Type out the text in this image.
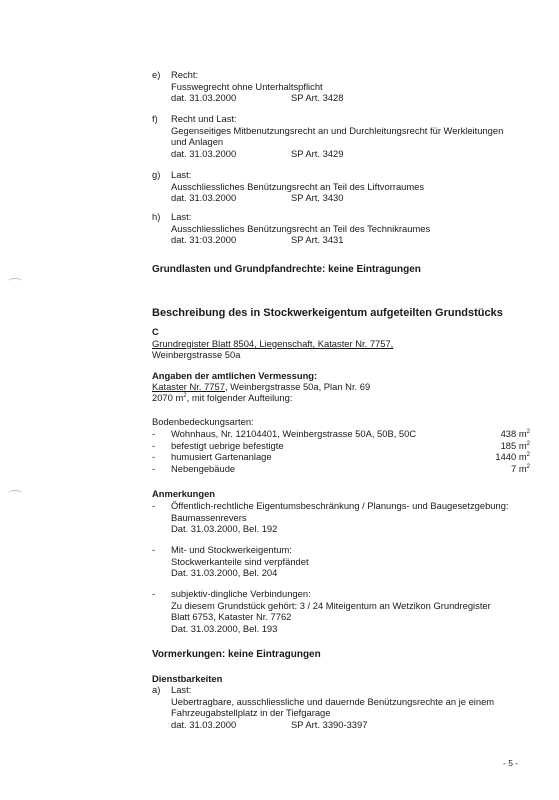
e) Recht:
Fusswegrecht ohne Unterhaltspflicht
dat. 31.03.2000	SP Art. 3428
f) Recht und Last:
Gegenseitiges Mitbenutzungsrecht an und Durchleitungsrecht für Werkleitungen
und Anlagen
dat. 31.03.2000	SP Art. 3429
g) Last:
Ausschliessliches Benützungsrecht an Teil des Liftvorraumes
dat. 31.03.2000	SP Art. 3430
h) Last:
Ausschliessliches Benützungsrecht an Teil des Technikraumes
dat. 31:03.2000	SP Art. 3431
Grundlasten und Grundpfandrechte: keine Eintragungen
Beschreibung des in Stockwerkeigentum aufgeteilten Grundstücks
C
Grundregister Blatt 8504, Liegenschaft, Kataster Nr. 7757,
Weinbergstrasse 50a
Angaben der amtlichen Vermessung:
Kataster Nr. 7757, Weinbergstrasse 50a, Plan Nr. 69
2070 $m^2$, mit folgender Aufteilung:
Bodenbedeckungsarten:
- Wohnhaus, Nr. 12104401, Weinbergstrasse 50A, 50B, 50C	438 $m^2$
- befestigt uebrige befestigte	185 $m^2$
- humusiert Gartenanlage	1440 $m^2$
- Nebengebäude	7 $m^2$
Anmerkungen
- Öffentlich-rechtliche Eigentumsbeschränkung / Planungs- und Baugesetzgebung:
Baumassenrevers
Dat. 31.03.2000, Bel. 192
- Mit- und Stockwerkeigentum:
Stockwerkanteile sind verpfändet
Dat. 31.03.2000, Bel. 204
- subjektiv-dingliche Verbindungen:
Zu diesem Grundstück gehört: 3 / 24 Miteigentum an Wetzikon Grundregister
Blatt 6753, Kataster Nr. 7762
Dat. 31.03.2000, Bel. 193
Vormerkungen: keine Eintragungen
Dienstbarkeiten
a) Last:
Uebertragbare, ausschliessliche und dauernde Benützungsrechte an je einem
Fahrzeugabstellplatz in der Tiefgarage
dat. 31.03.2000	SP Art. 3390-3397
- 5 -
